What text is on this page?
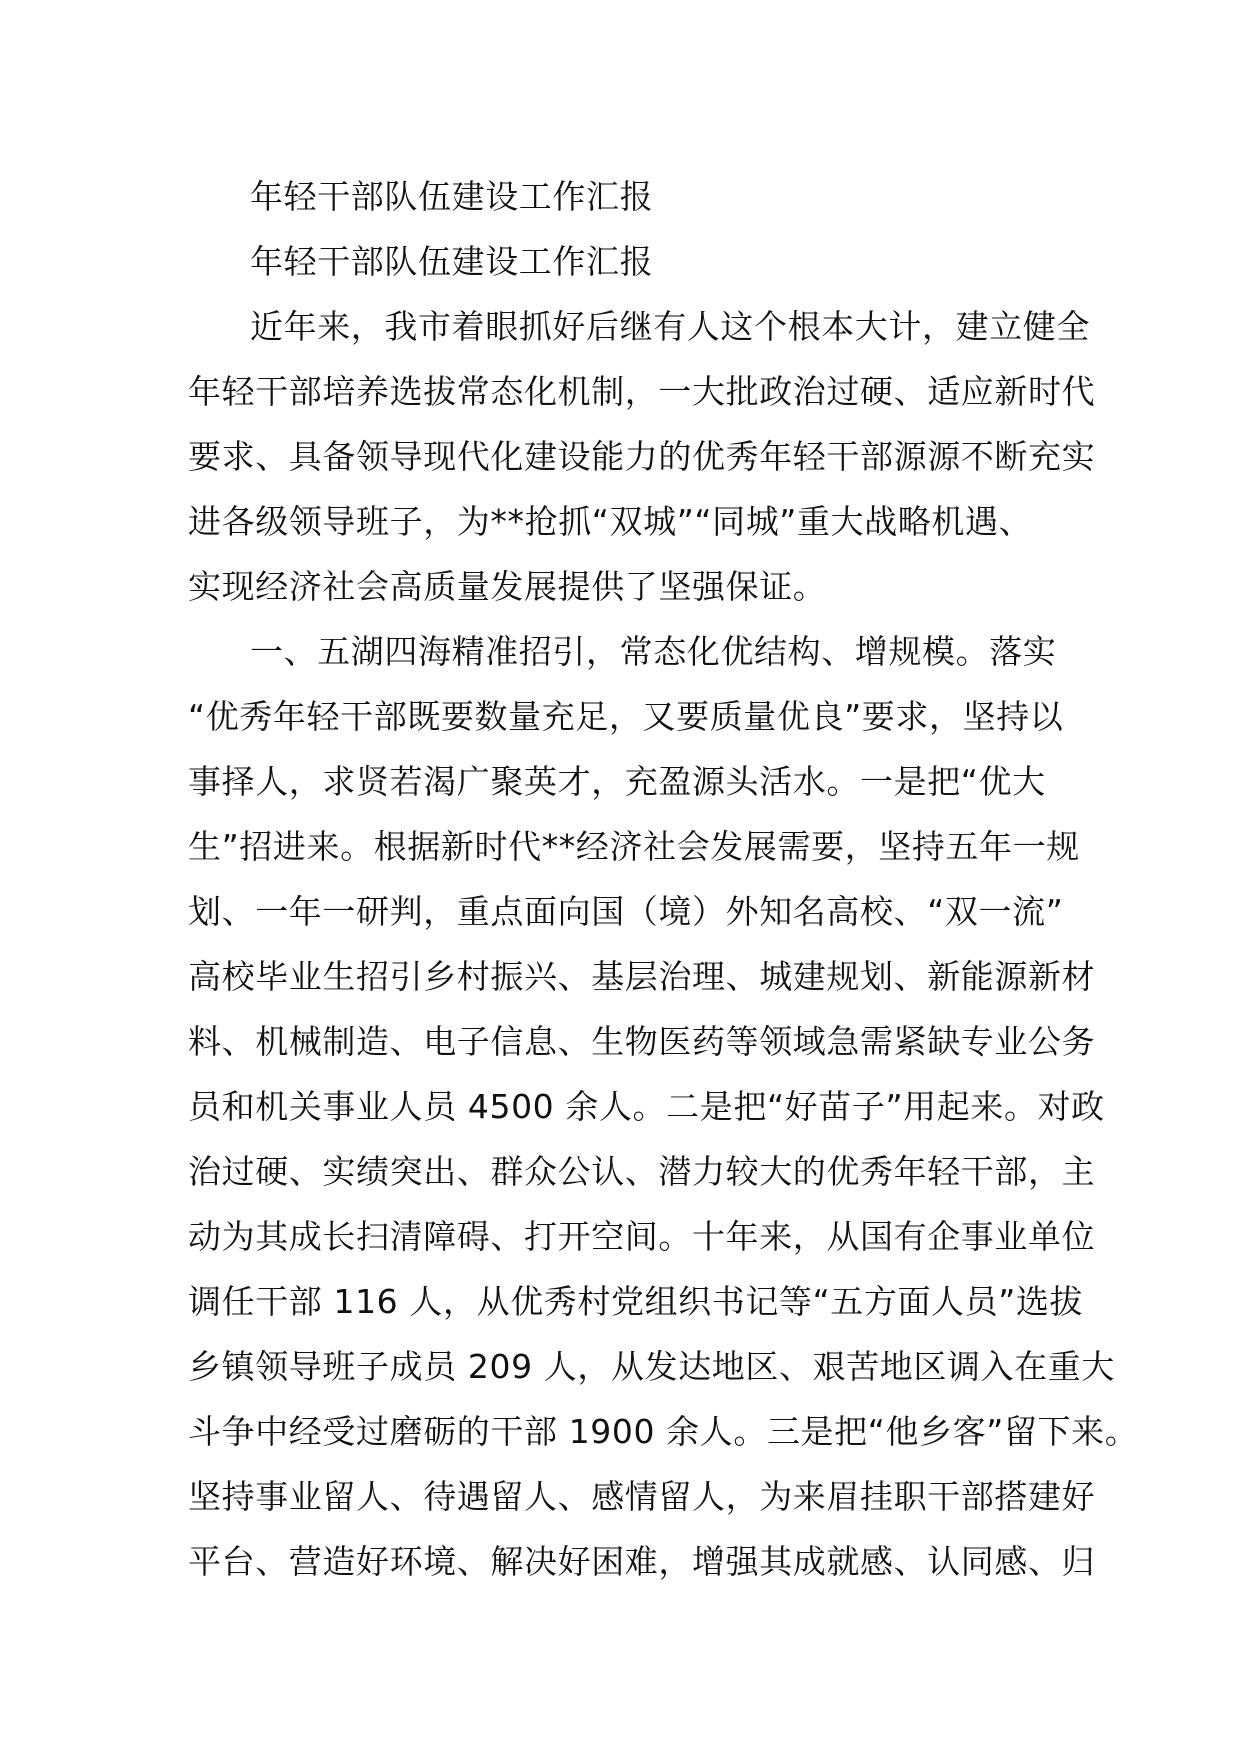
年轻干部队伍建设工作汇报
年轻干部队伍建设工作汇报
近年来，我市着眼抓好后继有人这个根本大计，建立健全
年轻干部培养选拔常态化机制，一大批政治过硬、适应新时代
要求、具备领导现代化建设能力的优秀年轻干部源源不断充实
进各级领导班子，为**抢抓“双城”“同城”重大战略机遇、
实现经济社会高质量发展提供了坚强保证。
一、五湖四海精准招引，常态化优结构、增规模。落实
“优秀年轻干部既要数量充足，又要质量优良”要求，坚持以
事择人，求贤若渴广聚英才，充盈源头活水。一是把“优大
生”招进来。根据新时代**经济社会发展需要，坚持五年一规
划、一年一研判，重点面向国（境）外知名高校、“双一流”
高校毕业生招引乡村振兴、基层治理、城建规划、新能源新材
料、机械制造、电子信息、生物医药等领域急需紧缺专业公务
员和机关事业人员 4500 余人。二是把“好苗子”用起来。对政
治过硬、实绩突出、群众公认、潜力较大的优秀年轻干部，主
动为其成长扫清障碍、打开空间。十年来，从国有企事业单位
调任干部 116 人，从优秀村党组织书记等“五方面人员”选拔
乡镇领导班子成员 209 人，从发达地区、艰苦地区调入在重大
斗争中经受过磨砺的干部 1900 余人。三是把“他乡客”留下来。
坚持事业留人、待遇留人、感情留人，为来眉挂职干部搭建好
平台、营造好环境、解决好困难，增强其成就感、认同感、归
